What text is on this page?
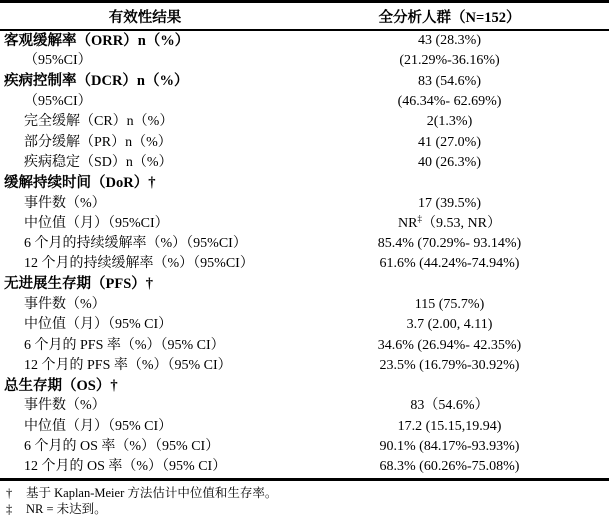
有效性结果	全分析人群（N=152）
客观缓解率（ORR）n（%）	43 (28.3%)
（95%CI）	(21.29%-36.16%)
疾病控制率（DCR）n（%）	83 (54.6%)
（95%CI）	(46.34%- 62.69%)
完全缓解（CR）n（%）	2(1.3%)
部分缓解（PR）n（%）	41 (27.0%)
疾病稳定（SD）n（%）	40 (26.3%)
缓解持续时间（DoR）†	
事件数（%）	17 (39.5%)
中位值（月）（95%CI）	NR‡（9.53, NR）
6 个月的持续缓解率（%）（95%CI）	85.4% (70.29%- 93.14%)
12 个月的持续缓解率（%）（95%CI）	61.6% (44.24%-74.94%)
无进展生存期（PFS）†	
事件数（%）	115 (75.7%)
中位值（月）（95% CI）	3.7 (2.00, 4.11)
6 个月的 PFS 率（%）（95% CI）	34.6% (26.94%- 42.35%)
12 个月的 PFS 率（%）（95% CI）	23.5% (16.79%-30.92%)
总生存期（OS）†	
事件数（%）	83（54.6%）
中位值（月）（95% CI）	17.2 (15.15,19.94)
6 个月的 OS 率（%）（95% CI）	90.1% (84.17%-93.93%)
12 个月的 OS 率（%）（95% CI）	68.3% (60.26%-75.08%)
†	基于 Kaplan-Meier 方法估计中位值和生存率。
‡	NR = 未达到。
